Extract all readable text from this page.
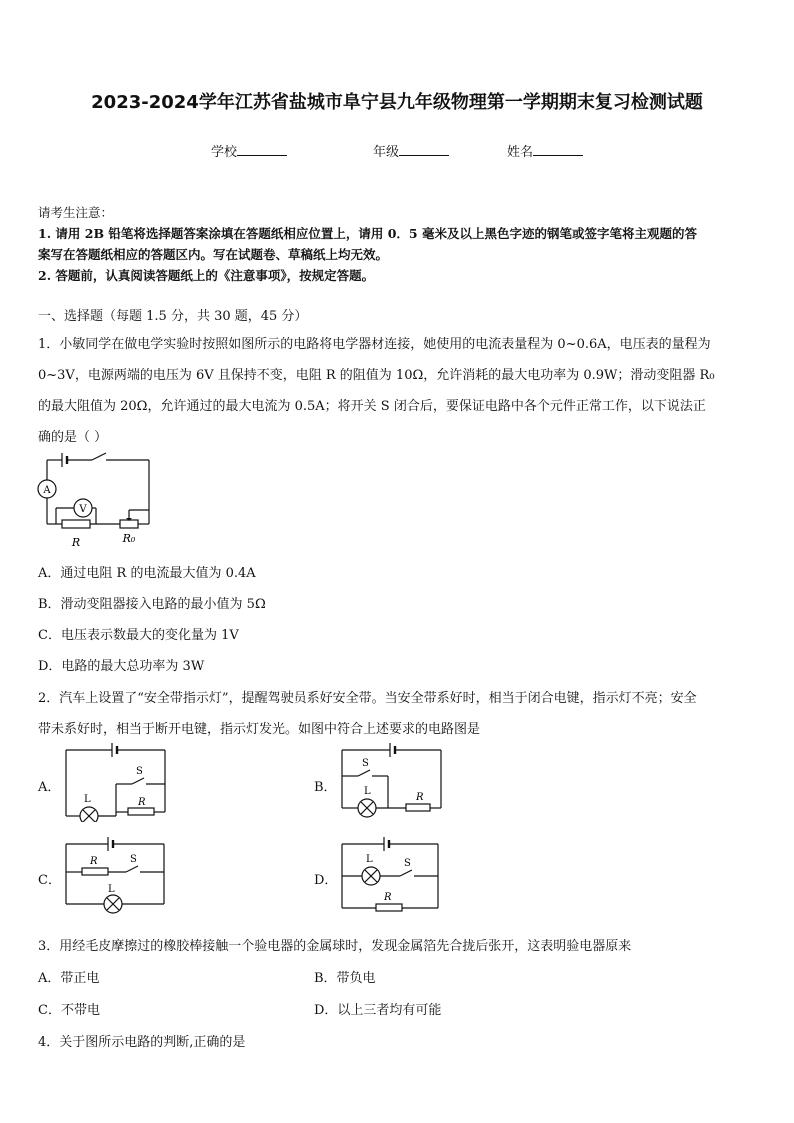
2023-2024学年江苏省盐城市阜宁县九年级物理第一学期期末复习检测试题
学校	年级	姓名
请考生注意：
1. 请用 2B 铅笔将选择题答案涂填在答题纸相应位置上，请用 0．5 毫米及以上黑色字迹的钢笔或签字笔将主观题的答
案写在答题纸相应的答题区内。写在试题卷、草稿纸上均无效。
2. 答题前，认真阅读答题纸上的《注意事项》，按规定答题。
一、选择题（每题 1.5 分，共 30 题，45 分）
1．小敏同学在做电学实验时按照如图所示的电路将电学器材连接，她使用的电流表量程为 0~0.6A，电压表的量程为
0~3V，电源两端的电压为 6V 且保持不变，电阻 R 的阻值为 10Ω，允许消耗的最大电功率为 0.9W；滑动变阻器 R₀
的最大阻值为 20Ω，允许通过的最大电流为 0.5A；将开关 S 闭合后，要保证电路中各个元件正常工作，以下说法正
确的是（ ）
A
V
R	R₀
A．通过电阻 R 的电流最大值为 0.4A
B．滑动变阻器接入电路的最小值为 5Ω
C．电压表示数最大的变化量为 1V
D．电路的最大总功率为 3W
2．汽车上设置了“安全带指示灯”，提醒驾驶员系好安全带。当安全带系好时，相当于闭合电键，指示灯不亮；安全
带未系好时，相当于断开电键，指示灯发光。如图中符合上述要求的电路图是
A．
L
S
R
B．
S
L
R
C．
R	S
L
D．
L	S
R
3．用经毛皮摩擦过的橡胶棒接触一个验电器的金属球时，发现金属箔先合拢后张开，这表明验电器原来
A．带正电	B．带负电
C．不带电	D．以上三者均有可能
4．关于图所示电路的判断,正确的是
